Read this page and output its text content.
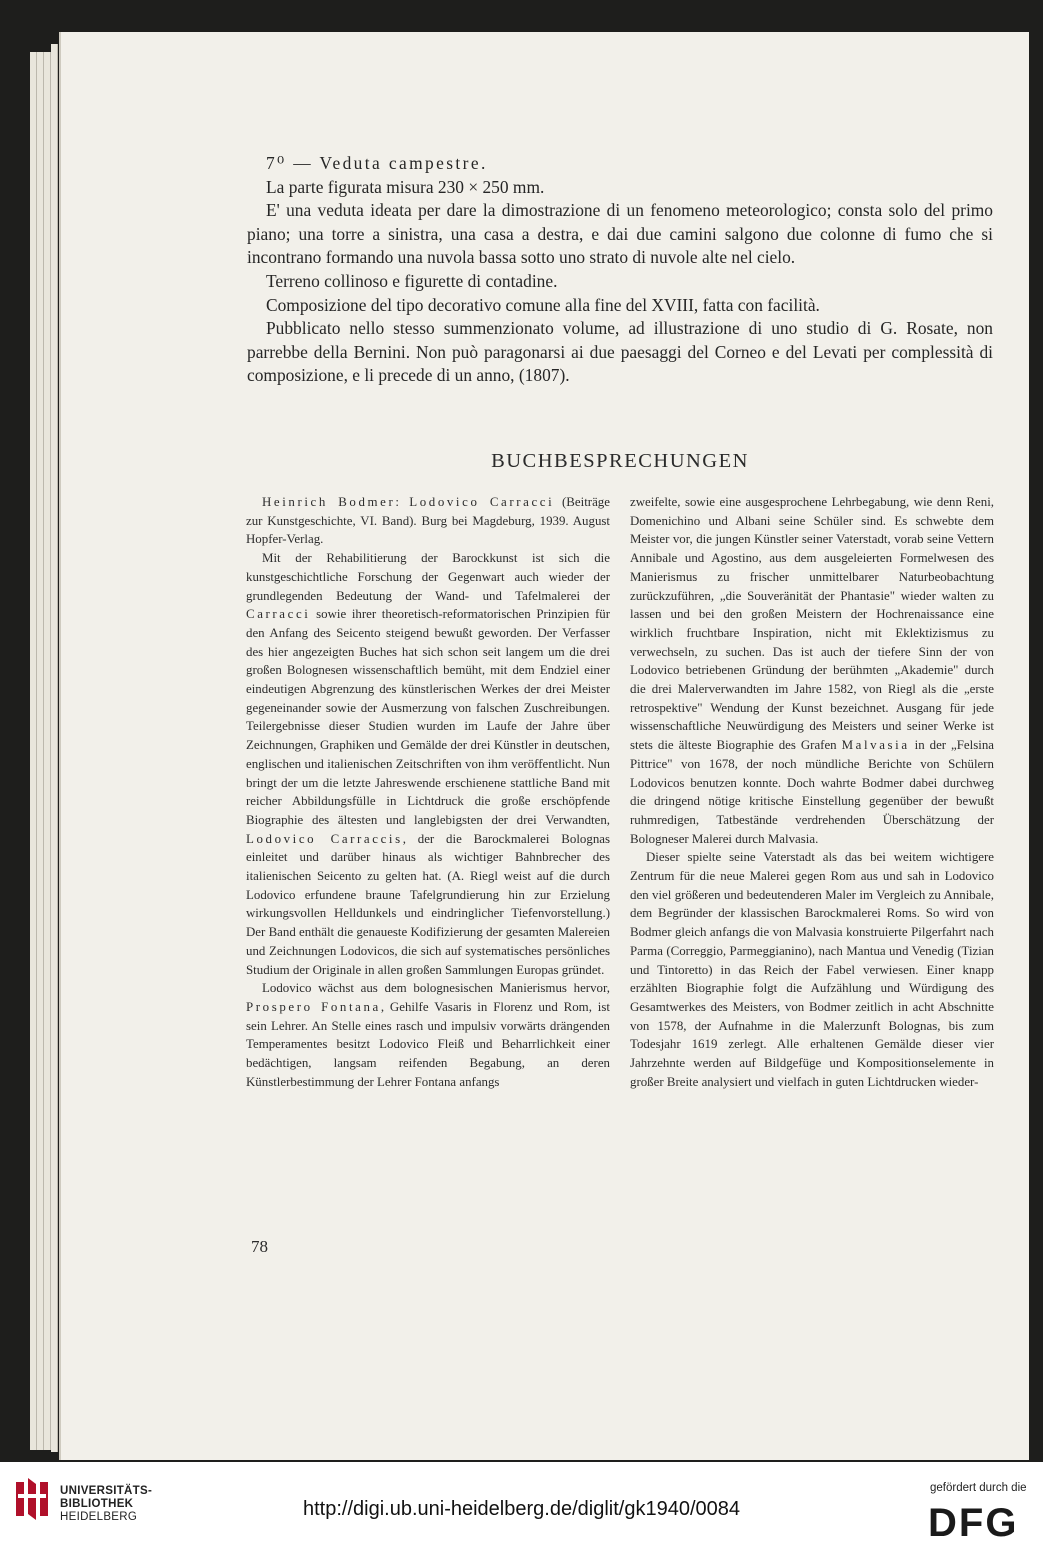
7⁰ — Veduta campestre.

La parte figurata misura 230 × 250 mm.

E' una veduta ideata per dare la dimostrazione di un fenomeno meteorologico; consta solo del primo piano; una torre a sinistra, una casa a destra, e dai due camini salgono due colonne di fumo che si incontrano formando una nuvola bassa sotto uno strato di nuvole alte nel cielo.

Terreno collinoso e figurette di contadine.

Composizione del tipo decorativo comune alla fine del XVIII, fatta con facilità.

Pubblicato nello stesso summenzionato volume, ad illustrazione di uno studio di G. Rosate, non parrebbe della Bernini. Non può paragonarsi ai due paesaggi del Corneo e del Levati per complessità di composizione, e li precede di un anno, (1807).

BUCHBESPRECHUNGEN

Heinrich Bodmer: Lodovico Carracci (Beiträge zur Kunstgeschichte, VI. Band). Burg bei Magdeburg, 1939. August Hopfer-Verlag.

Mit der Rehabilitierung der Barockkunst ist sich die kunstgeschichtliche Forschung der Gegenwart auch wieder der grundlegenden Bedeutung der Wand- und Tafelmalerei der Carracci sowie ihrer theoretisch-reformatorischen Prinzipien für den Anfang des Seicento steigend bewußt geworden. Der Verfasser des hier angezeigten Buches hat sich schon seit langem um die drei großen Bolognesen wissenschaftlich bemüht, mit dem Endziel einer eindeutigen Abgrenzung des künstlerischen Werkes der drei Meister gegeneinander sowie der Ausmerzung von falschen Zuschreibungen. Teilergebnisse dieser Studien wurden im Laufe der Jahre über Zeichnungen, Graphiken und Gemälde der drei Künstler in deutschen, englischen und italienischen Zeitschriften von ihm veröffentlicht. Nun bringt der um die letzte Jahreswende erschienene stattliche Band mit reicher Abbildungsfülle in Lichtdruck die große erschöpfende Biographie des ältesten und langlebigsten der drei Verwandten, Lodovico Carraccis, der die Barockmalerei Bolognas einleitet und darüber hinaus als wichtiger Bahnbrecher des italienischen Seicento zu gelten hat. (A. Riegl weist auf die durch Lodovico erfundene braune Tafelgrundierung hin zur Erzielung wirkungsvollen Helldunkels und eindringlicher Tiefenvorstellung.) Der Band enthält die genaueste Kodifizierung der gesamten Malereien und Zeichnungen Lodovicos, die sich auf systematisches persönliches Studium der Originale in allen großen Sammlungen Europas gründet.

Lodovico wächst aus dem bolognesischen Manierismus hervor, Prospero Fontana, Gehilfe Vasaris in Florenz und Rom, ist sein Lehrer. An Stelle eines rasch und impulsiv vorwärts drängenden Temperamentes besitzt Lodovico Fleiß und Beharrlichkeit einer bedächtigen, langsam reifenden Begabung, an deren Künstlerbestimmung der Lehrer Fontana anfangs

zweifelte, sowie eine ausgesprochene Lehrbegabung, wie denn Reni, Domenichino und Albani seine Schüler sind. Es schwebte dem Meister vor, die jungen Künstler seiner Vaterstadt, vorab seine Vettern Annibale und Agostino, aus dem ausgeleierten Formelwesen des Manierismus zu frischer unmittelbarer Naturbeobachtung zurückzuführen, „die Souveränität der Phantasie" wieder walten zu lassen und bei den großen Meistern der Hochrenaissance eine wirklich fruchtbare Inspiration, nicht mit Eklektizismus zu verwechseln, zu suchen. Das ist auch der tiefere Sinn der von Lodovico betriebenen Gründung der berühmten „Akademie" durch die drei Malerverwandten im Jahre 1582, von Riegl als die „erste retrospektive" Wendung der Kunst bezeichnet. Ausgang für jede wissenschaftliche Neuwürdigung des Meisters und seiner Werke ist stets die älteste Biographie des Grafen Malvasia in der „Felsina Pittrice" von 1678, der noch mündliche Berichte von Schülern Lodovicos benutzen konnte. Doch wahrte Bodmer dabei durchweg die dringend nötige kritische Einstellung gegenüber der bewußt ruhmredigen, Tatbestände verdrehenden Überschätzung der Bologneser Malerei durch Malvasia.

Dieser spielte seine Vaterstadt als das bei weitem wichtigere Zentrum für die neue Malerei gegen Rom aus und sah in Lodovico den viel größeren und bedeutenderen Maler im Vergleich zu Annibale, dem Begründer der klassischen Barockmalerei Roms. So wird von Bodmer gleich anfangs die von Malvasia konstruierte Pilgerfahrt nach Parma (Correggio, Parmeggianino), nach Mantua und Venedig (Tizian und Tintoretto) in das Reich der Fabel verwiesen. Einer knapp erzählten Biographie folgt die Aufzählung und Würdigung des Gesamtwerkes des Meisters, von Bodmer zeitlich in acht Abschnitte von 1578, der Aufnahme in die Malerzunft Bolognas, bis zum Todesjahr 1619 zerlegt. Alle erhaltenen Gemälde dieser vier Jahrzehnte werden auf Bildgefüge und Kompositionselemente in großer Breite analysiert und vielfach in guten Lichtdrucken wieder-

78
UNIVERSITÄTS-
BIBLIOTHEK
HEIDELBERG	http://digi.ub.uni-heidelberg.de/diglit/gk1940/0084
gefördert durch die
DFG
